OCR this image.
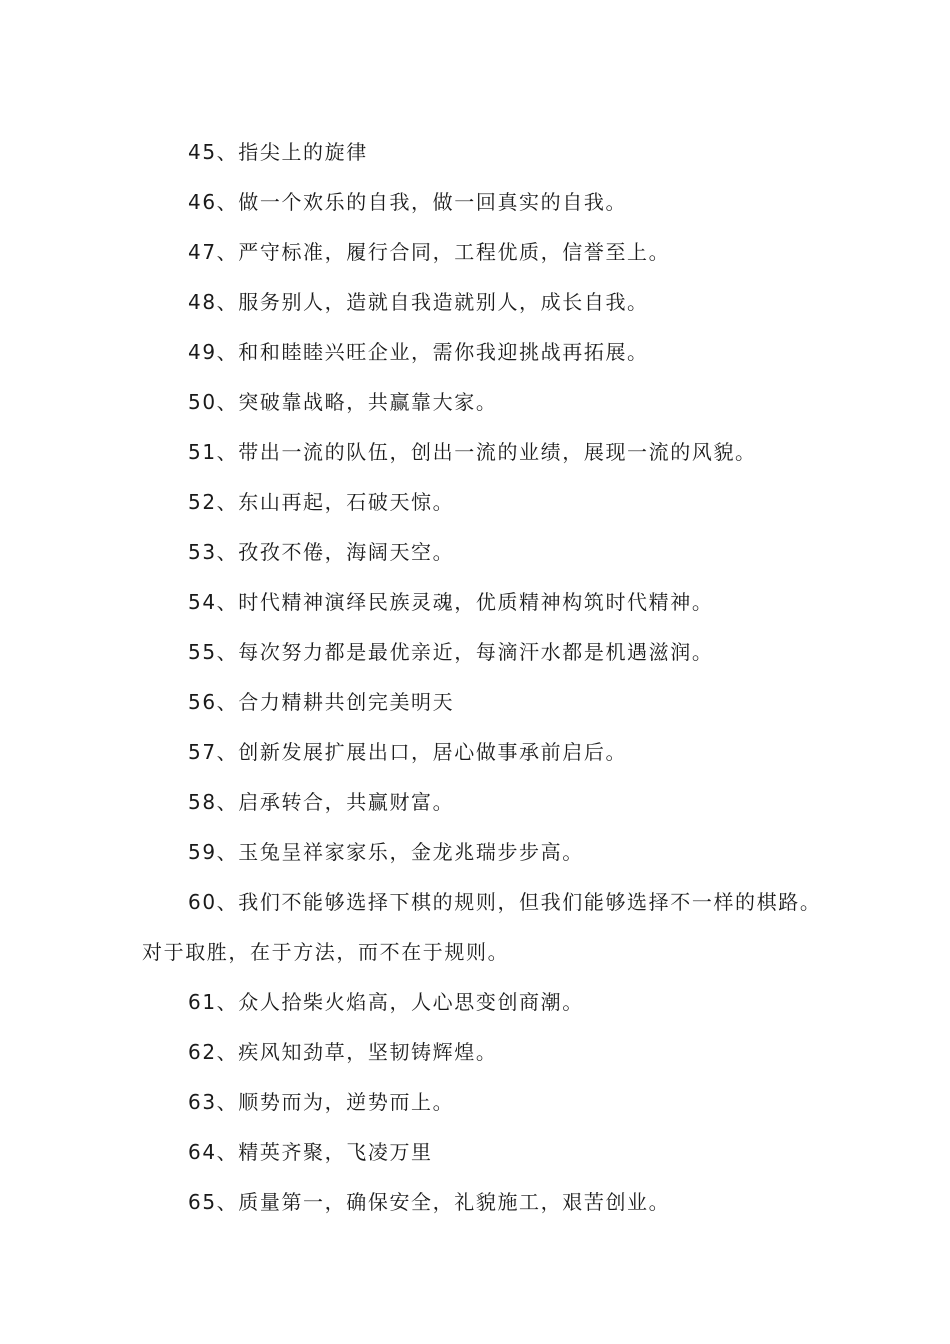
45、指尖上的旋律

46、做一个欢乐的自我，做一回真实的自我。

47、严守标准，履行合同，工程优质，信誉至上。

48、服务别人，造就自我造就别人，成长自我。

49、和和睦睦兴旺企业，需你我迎挑战再拓展。

50、突破靠战略，共赢靠大家。

51、带出一流的队伍，创出一流的业绩，展现一流的风貌。

52、东山再起，石破天惊。

53、孜孜不倦，海阔天空。

54、时代精神演绎民族灵魂，优质精神构筑时代精神。

55、每次努力都是最优亲近，每滴汗水都是机遇滋润。

56、合力精耕共创完美明天

57、创新发展扩展出口，居心做事承前启后。

58、启承转合，共赢财富。

59、玉兔呈祥家家乐，金龙兆瑞步步高。

60、我们不能够选择下棋的规则，但我们能够选择不一样的棋路。对于取胜，在于方法，而不在于规则。

61、众人拾柴火焰高，人心思变创商潮。

62、疾风知劲草，坚韧铸辉煌。

63、顺势而为，逆势而上。

64、精英齐聚，飞凌万里

65、质量第一，确保安全，礼貌施工，艰苦创业。
